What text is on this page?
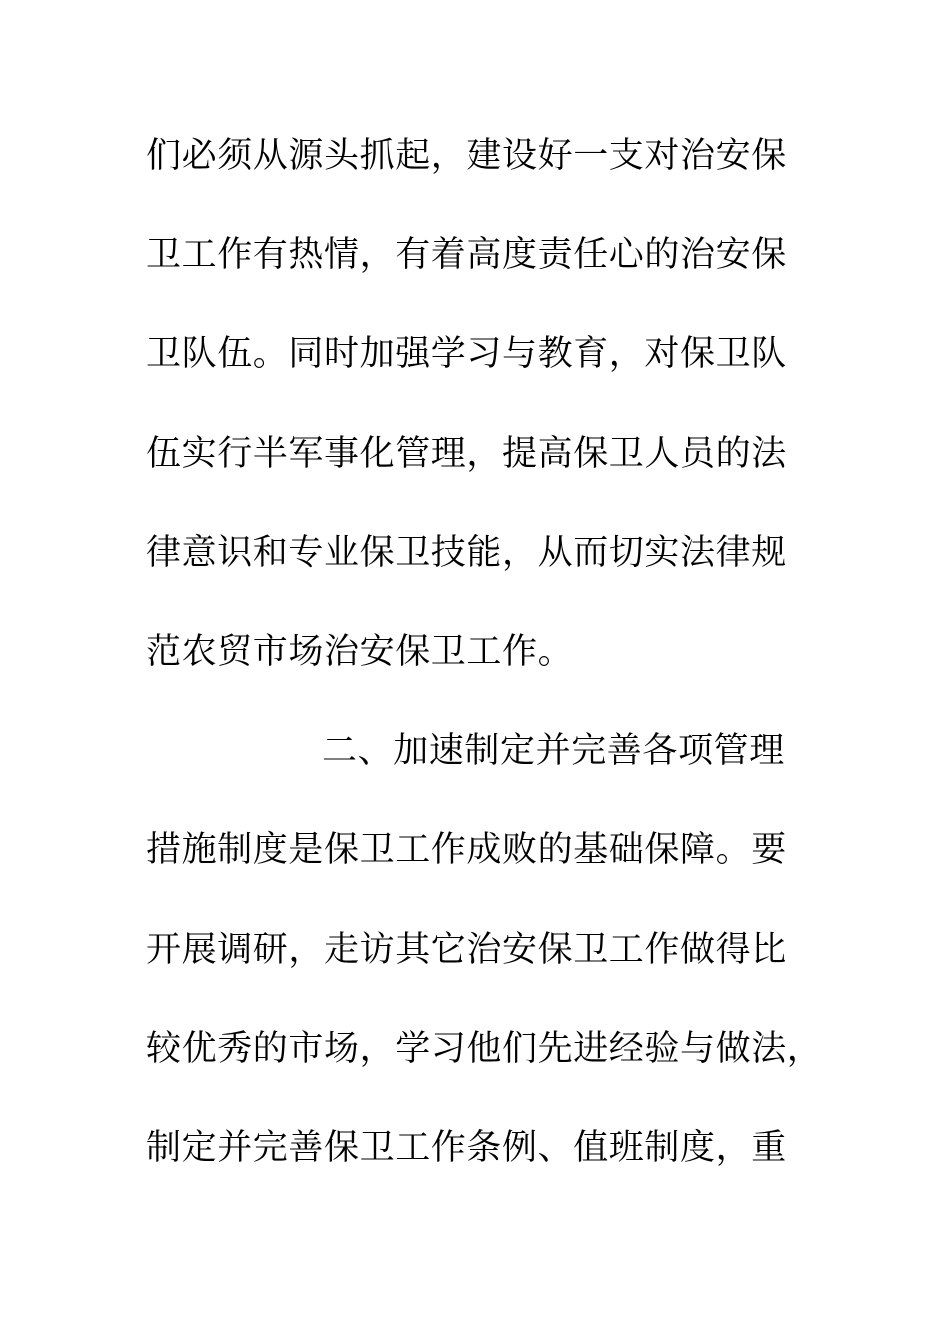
们必须从源头抓起，建设好一支对治安保
卫工作有热情，有着高度责任心的治安保
卫队伍。同时加强学习与教育，对保卫队
伍实行半军事化管理，提高保卫人员的法
律意识和专业保卫技能，从而切实法律规
范农贸市场治安保卫工作。
二、加速制定并完善各项管理
措施制度是保卫工作成败的基础保障。要
开展调研，走访其它治安保卫工作做得比
较优秀的市场，学习他们先进经验与做法，
制定并完善保卫工作条例、值班制度，重
